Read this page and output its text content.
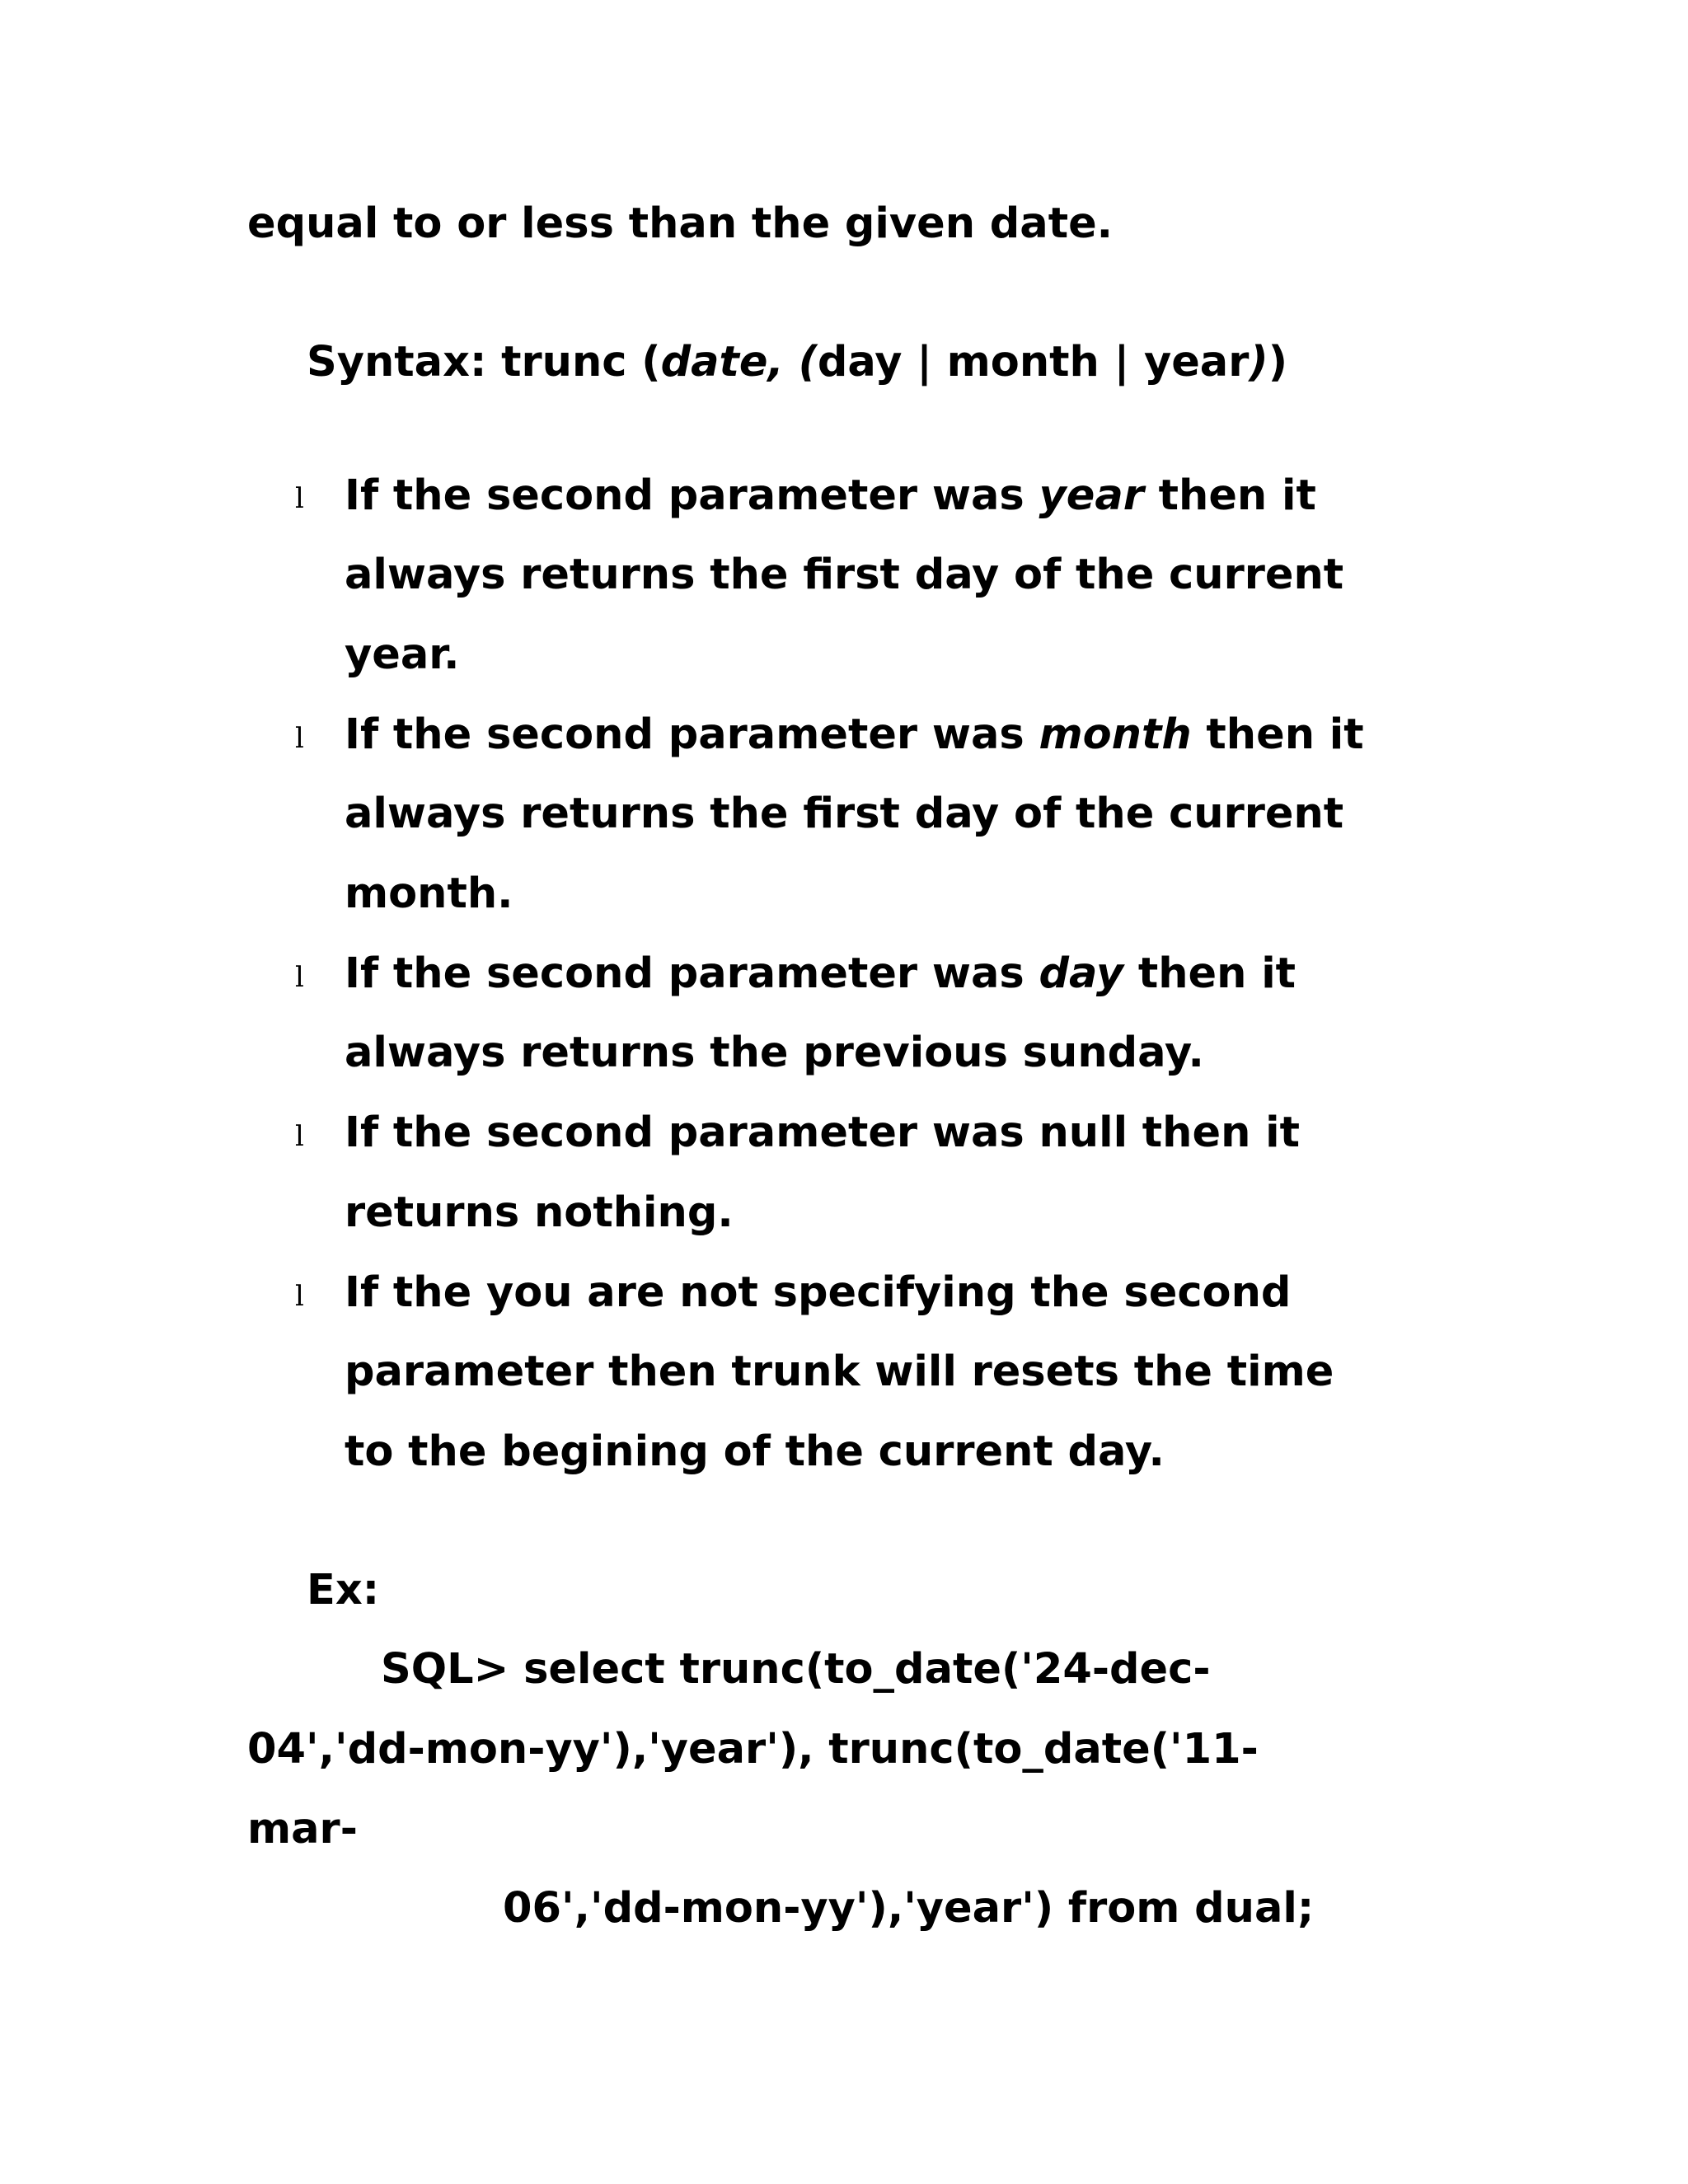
equal to or less than the given date.
Syntax: trunc (date, (day | month | year))
l If the second parameter was year then it
always returns the first day of the current
year.
l If the second parameter was month then it
always returns the first day of the current
month.
l If the second parameter was day then it
always returns the previous sunday.
l If the second parameter was null then it
returns nothing.
l If the you are not specifying the second
parameter then trunk will resets the time
to the begining of the current day.
Ex:
SQL> select trunc(to_date('24-dec-
04','dd-mon-yy'),'year'), trunc(to_date('11-
mar-
06','dd-mon-yy'),'year') from dual;
